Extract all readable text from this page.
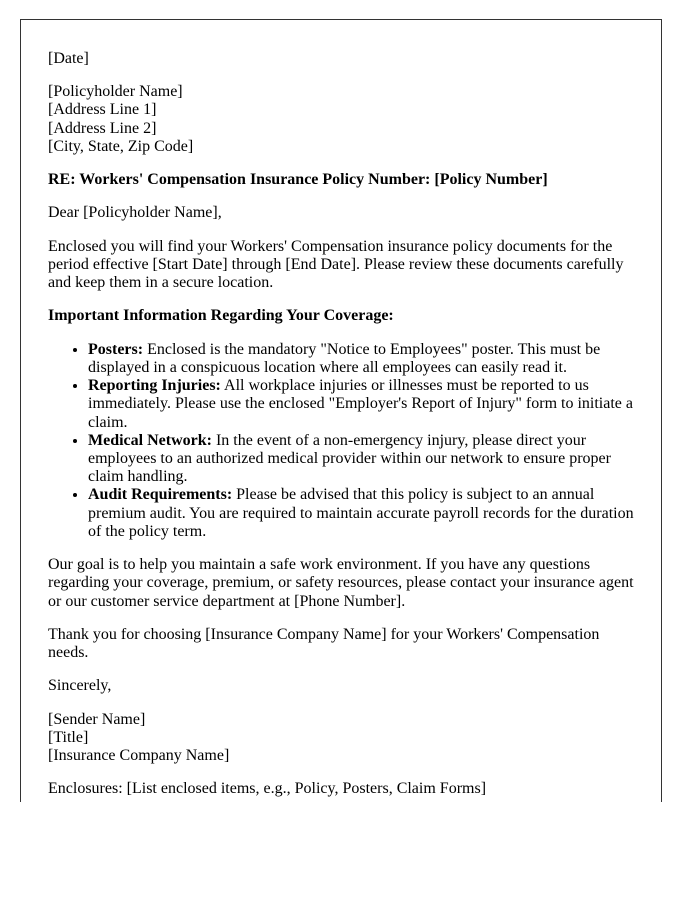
[Date]

[Policyholder Name]
[Address Line 1]
[Address Line 2]
[City, State, Zip Code]

RE: Workers' Compensation Insurance Policy Number: [Policy Number]

Dear [Policyholder Name],

Enclosed you will find your Workers' Compensation insurance policy documents for the period effective [Start Date] through [End Date]. Please review these documents carefully and keep them in a secure location.

Important Information Regarding Your Coverage:

• Posters: Enclosed is the mandatory "Notice to Employees" poster. This must be displayed in a conspicuous location where all employees can easily read it.
• Reporting Injuries: All workplace injuries or illnesses must be reported to us immediately. Please use the enclosed "Employer's Report of Injury" form to initiate a claim.
• Medical Network: In the event of a non-emergency injury, please direct your employees to an authorized medical provider within our network to ensure proper claim handling.
• Audit Requirements: Please be advised that this policy is subject to an annual premium audit. You are required to maintain accurate payroll records for the duration of the policy term.

Our goal is to help you maintain a safe work environment. If you have any questions regarding your coverage, premium, or safety resources, please contact your insurance agent or our customer service department at [Phone Number].

Thank you for choosing [Insurance Company Name] for your Workers' Compensation needs.

Sincerely,

[Sender Name]
[Title]
[Insurance Company Name]

Enclosures: [List enclosed items, e.g., Policy, Posters, Claim Forms]
